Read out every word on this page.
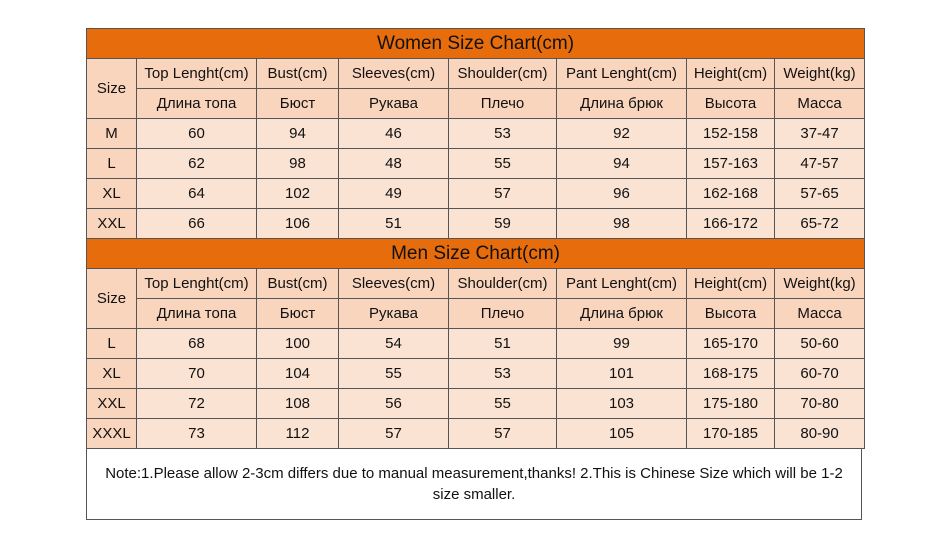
Women Size Chart(cm)							
Size	Top Lenght(cm)	Bust(cm)	Sleeves(cm)	Shoulder(cm)	Pant Lenght(cm)	Height(cm)	Weight(kg)
	Длина топа	Бюст	Рукава	Плечо	Длина брюк	Высота	Масса
M	60	94	46	53	92	152-158	37-47
L	62	98	48	55	94	157-163	47-57
XL	64	102	49	57	96	162-168	57-65
XXL	66	106	51	59	98	166-172	65-72
Men Size Chart(cm)							
Size	Top Lenght(cm)	Bust(cm)	Sleeves(cm)	Shoulder(cm)	Pant Lenght(cm)	Height(cm)	Weight(kg)
	Длина топа	Бюст	Рукава	Плечо	Длина брюк	Высота	Масса
L	68	100	54	51	99	165-170	50-60
XL	70	104	55	53	101	168-175	60-70
XXL	72	108	56	55	103	175-180	70-80
XXXL	73	112	57	57	105	170-185	80-90
Note:1.Please allow 2-3cm differs due to manual measurement,thanks! 2.This is Chinese Size which will be 1-2 size smaller.
